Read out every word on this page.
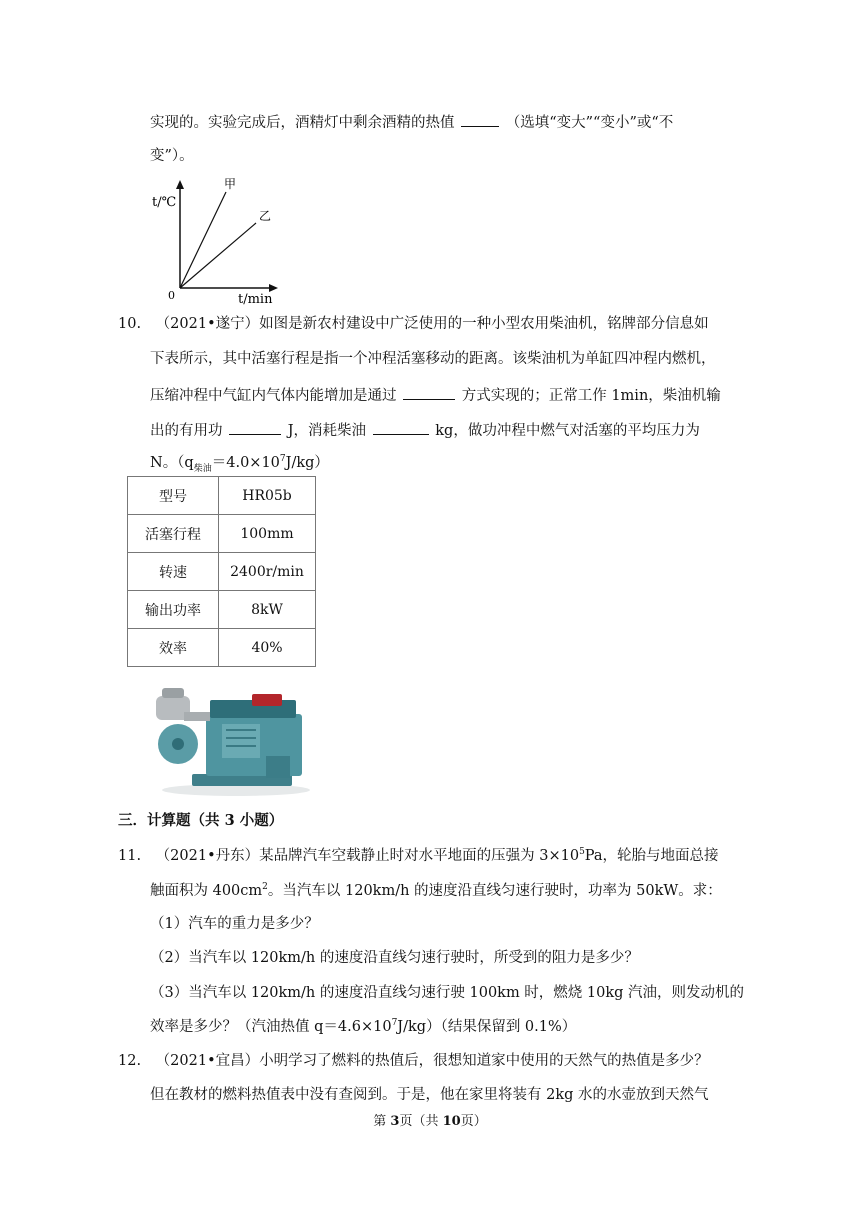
实现的。实验完成后，酒精灯中剩余酒精的热值	（选填“变大”“变小”或“不
变”）。
t/℃
甲
乙
0	t/min
10. （2021•遂宁）如图是新农村建设中广泛使用的一种小型农用柴油机，铭牌部分信息如
下表所示，其中活塞行程是指一个冲程活塞移动的距离。该柴油机为单缸四冲程内燃机，
压缩冲程中气缸内气体内能增加是通过	方式实现的；正常工作 1min，柴油机输
出的有用功	J，消耗柴油	kg，做功冲程中燃气对活塞的平均压力为
N。$(q_{柴油}=4.0\times 10^7J/kg)$
型号	HR05b
活塞行程	100mm
转速	2400r/min
输出功率	8kW
效率	40%
三．计算题（共 3 小题）
11. （2021•丹东）某品牌汽车空载静止时对水平地面的压强为 $3\times 10^5Pa$，轮胎与地面总接
触面积为 $400cm^2$。当汽车以 120km/h 的速度沿直线匀速行驶时，功率为 50kW。求：
（1）汽车的重力是多少？
（2）当汽车以 120km/h 的速度沿直线匀速行驶时，所受到的阻力是多少？
（3）当汽车以 120km/h 的速度沿直线匀速行驶 100km 时，燃烧 10kg 汽油，则发动机的
效率是多少？（汽油热值 $q=4.6\times 10^7J/kg$）（结果保留到 0.1%）
12. （2021•宜昌）小明学习了燃料的热值后，很想知道家中使用的天然气的热值是多少？
但在教材的燃料热值表中没有查阅到。于是，他在家里将装有 2kg 水的水壶放到天然气
第 3页（共 10页）
